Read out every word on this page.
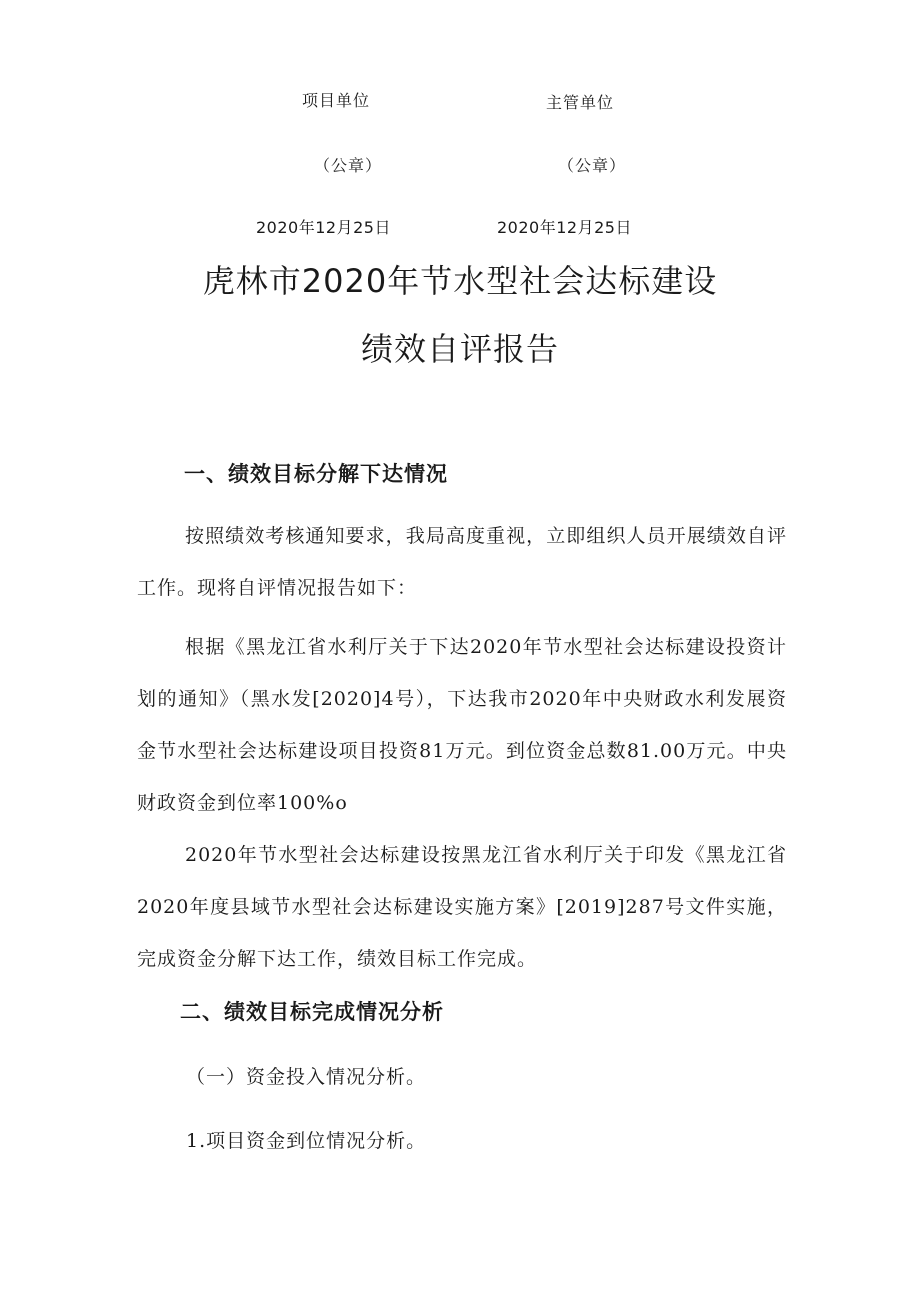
项目单位	主管单位
（公章）	（公章）
2020年12月25日	2020年12月25日
虎林市2020年节水型社会达标建设
绩效自评报告
一、绩效目标分解下达情况
按照绩效考核通知要求，我局高度重视，立即组织人员开展绩效自评工作。现将自评情况报告如下：
根据《黑龙江省水利厅关于下达2020年节水型社会达标建设投资计划的通知》（黑水发[2020]4号），下达我市2020年中央财政水利发展资金节水型社会达标建设项目投资81万元。到位资金总数81.00万元。中央财政资金到位率100%o
2020年节水型社会达标建设按黑龙江省水利厅关于印发《黑龙江省2020年度县域节水型社会达标建设实施方案》[2019]287号文件实施，完成资金分解下达工作，绩效目标工作完成。
二、绩效目标完成情况分析
（一）资金投入情况分析。
1.项目资金到位情况分析。
